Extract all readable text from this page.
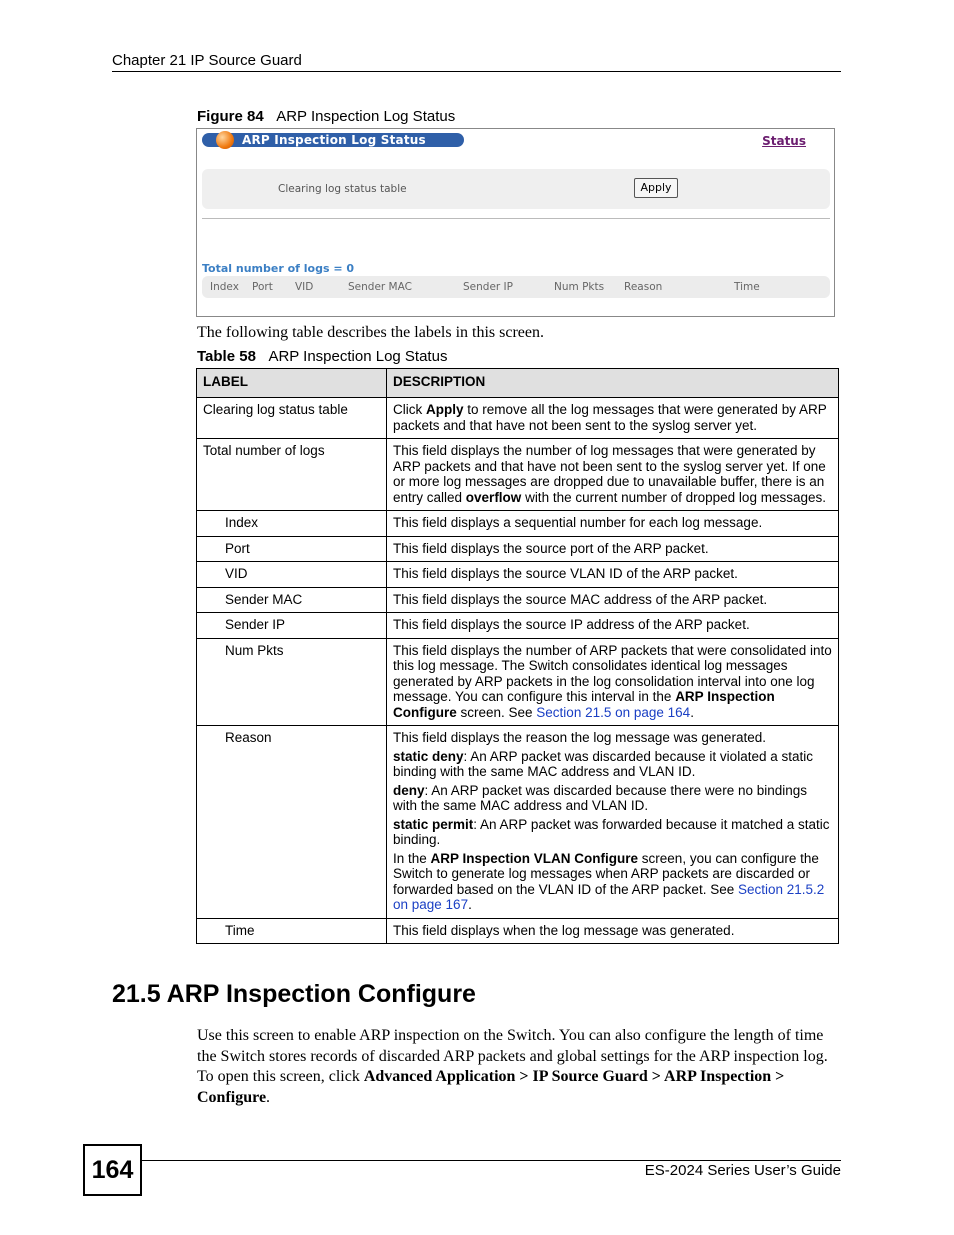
Chapter 21 IP Source Guard
Figure 84 ARP Inspection Log Status
ARP Inspection Log Status	Status
Clearing log status table	Apply
Total number of logs = 0
Index Port VID	Sender MAC	Sender IP	Num Pkts Reason	Time
The following table describes the labels in this screen.
Table 58 ARP Inspection Log Status
LABEL	DESCRIPTION
Clearing log status table	Click Apply to remove all the log messages that were generated by ARP packets and that have not been sent to the syslog server yet.
Total number of logs	This field displays the number of log messages that were generated by ARP packets and that have not been sent to the syslog server yet. If one or more log messages are dropped due to unavailable buffer, there is an entry called overflow with the current number of dropped log messages.
Index	This field displays a sequential number for each log message.
Port	This field displays the source port of the ARP packet.
VID	This field displays the source VLAN ID of the ARP packet.
Sender MAC	This field displays the source MAC address of the ARP packet.
Sender IP	This field displays the source IP address of the ARP packet.
Num Pkts	This field displays the number of ARP packets that were consolidated into this log message. The Switch consolidates identical log messages generated by ARP packets in the log consolidation interval into one log message. You can configure this interval in the ARP Inspection Configure screen. See Section 21.5 on page 164.
Reason	This field displays the reason the log message was generated.

static deny: An ARP packet was discarded because it violated a static binding with the same MAC address and VLAN ID.

deny: An ARP packet was discarded because there were no bindings with the same MAC address and VLAN ID.

static permit: An ARP packet was forwarded because it matched a static binding.

In the ARP Inspection VLAN Configure screen, you can configure the Switch to generate log messages when ARP packets are discarded or forwarded based on the VLAN ID of the ARP packet. See Section 21.5.2 on page 167.

Time	This field displays when the log message was generated.
21.5 ARP Inspection Configure
Use this screen to enable ARP inspection on the Switch. You can also configure the length of time the Switch stores records of discarded ARP packets and global settings for the ARP inspection log. To open this screen, click Advanced Application > IP Source Guard > ARP Inspection > Configure.
164	ES-2024 Series User’s Guide
